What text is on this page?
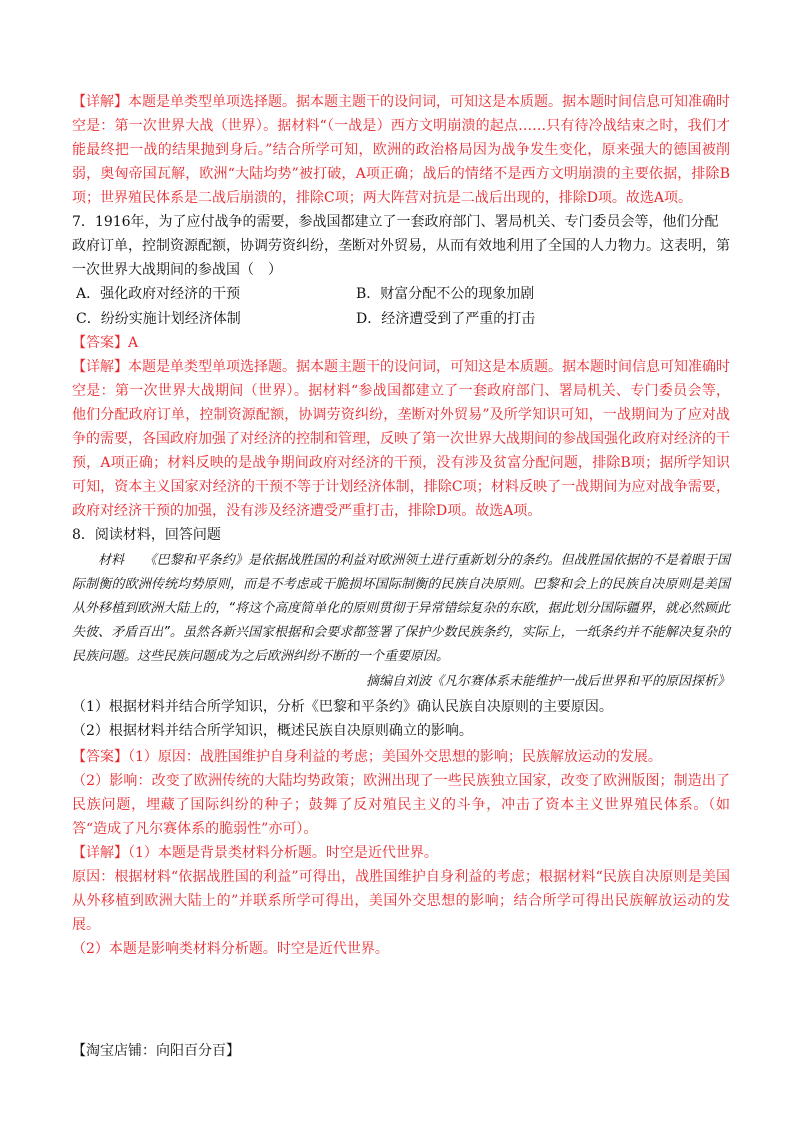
【详解】本题是单类型单项选择题。据本题主题干的设问词，可知这是本质题。据本题时间信息可知准确时空是：第一次世界大战（世界）。据材料“（一战是）西方文明崩溃的起点……只有待冷战结束之时，我们才能最终把一战的结果抛到身后。”结合所学可知，欧洲的政治格局因为战争发生变化，原来强大的德国被削弱，奥匈帝国瓦解，欧洲“大陆均势”被打破，A项正确；战后的情绪不是西方文明崩溃的主要依据，排除B项；世界殖民体系是二战后崩溃的，排除C项；两大阵营对抗是二战后出现的，排除D项。故选A项。

7．1916年，为了应付战争的需要，参战国都建立了一套政府部门、署局机关、专门委员会等，他们分配政府订单，控制资源配额，协调劳资纠纷，垄断对外贸易，从而有效地利用了全国的人力物力。这表明，第一次世界大战期间的参战国（　）

A．强化政府对经济的干预	B．财富分配不公的现象加剧
C．纷纷实施计划经济体制	D．经济遭受到了严重的打击

【答案】A

【详解】本题是单类型单项选择题。据本题主题干的设问词，可知这是本质题。据本题时间信息可知准确时空是：第一次世界大战期间（世界）。据材料“参战国都建立了一套政府部门、署局机关、专门委员会等，他们分配政府订单，控制资源配额，协调劳资纠纷，垄断对外贸易”及所学知识可知，一战期间为了应对战争的需要，各国政府加强了对经济的控制和管理，反映了第一次世界大战期间的参战国强化政府对经济的干预，A项正确；材料反映的是战争期间政府对经济的干预，没有涉及贫富分配问题，排除B项；据所学知识可知，资本主义国家对经济的干预不等于计划经济体制，排除C项；材料反映了一战期间为应对战争需要，政府对经济干预的加强，没有涉及经济遭受严重打击，排除D项。故选A项。

8．阅读材料，回答问题

材料　　《巴黎和平条约》是依据战胜国的利益对欧洲领土进行重新划分的条约。但战胜国依据的不是着眼于国际制衡的欧洲传统均势原则，而是不考虑或干脆损坏国际制衡的民族自决原则。巴黎和会上的民族自决原则是美国从外移植到欧洲大陆上的，“将这个高度简单化的原则贯彻于异常错综复杂的东欧，据此划分国际疆界，就必然顾此失彼、矛盾百出”。虽然各新兴国家根据和会要求都签署了保护少数民族条约，实际上，一纸条约并不能解决复杂的民族问题。这些民族问题成为之后欧洲纠纷不断的一个重要原因。

摘编自刘波《凡尔赛体系未能维护一战后世界和平的原因探析》

（1）根据材料并结合所学知识，分析《巴黎和平条约》确认民族自决原则的主要原因。

（2）根据材料并结合所学知识，概述民族自决原则确立的影响。

【答案】（1）原因：战胜国维护自身利益的考虑；美国外交思想的影响；民族解放运动的发展。

（2）影响：改变了欧洲传统的大陆均势政策；欧洲出现了一些民族独立国家，改变了欧洲版图；制造出了民族问题，埋藏了国际纠纷的种子；鼓舞了反对殖民主义的斗争，冲击了资本主义世界殖民体系。（如答“造成了凡尔赛体系的脆弱性”亦可）。

【详解】（1）本题是背景类材料分析题。时空是近代世界。

原因：根据材料“依据战胜国的利益”可得出，战胜国维护自身利益的考虑；根据材料“民族自决原则是美国从外移植到欧洲大陆上的”并联系所学可得出，美国外交思想的影响；结合所学可得出民族解放运动的发展。

（2）本题是影响类材料分析题。时空是近代世界。

【淘宝店铺：向阳百分百】
